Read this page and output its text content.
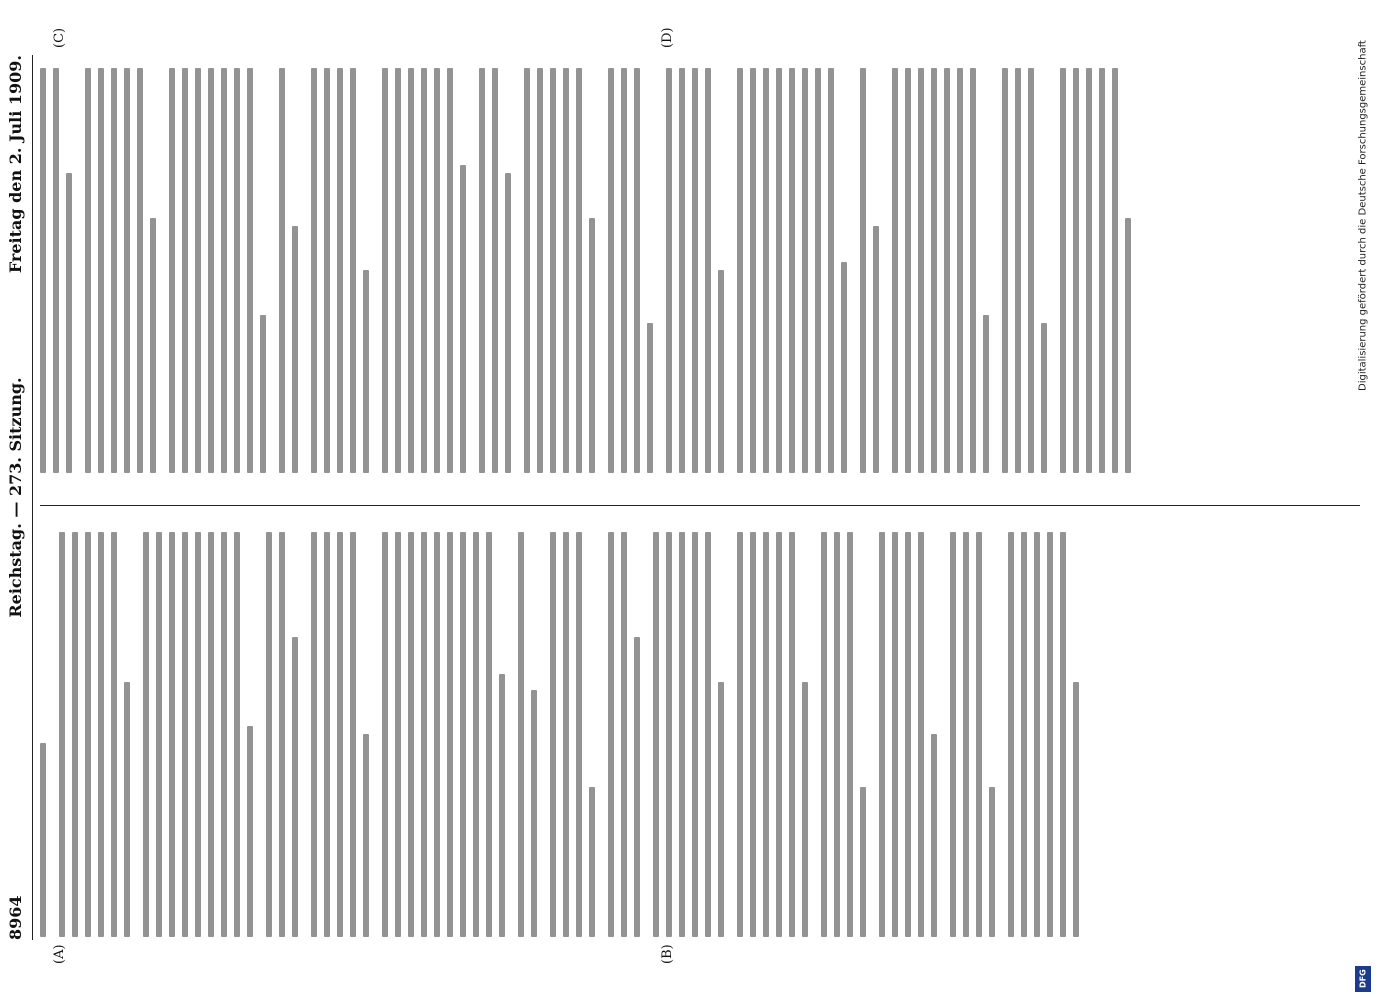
8964
Reichstag. — 273. Sitzung.
Freitag den 2. Juli 1909.
(A)	(B)
(C)	(D)
Digitalisierung gefördert durch die Deutsche Forschungsgemeinschaft
DFG
